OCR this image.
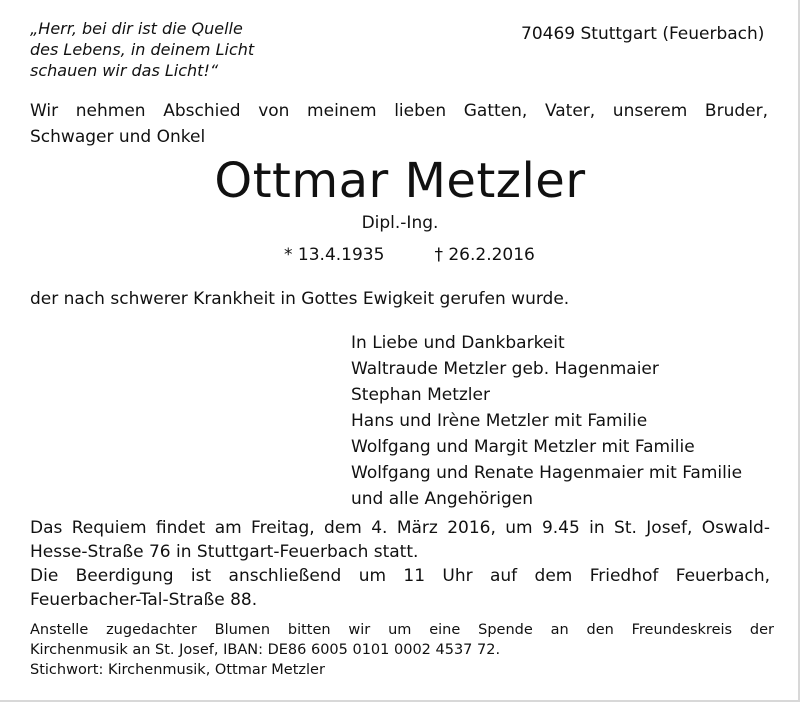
„Herr, bei dir ist die Quelle
des Lebens, in deinem Licht
schauen wir das Licht!“
70469 Stuttgart (Feuerbach)
Wir nehmen Abschied von meinem lieben Gatten, Vater, unserem Bruder,
Schwager und Onkel
Ottmar Metzler
Dipl.-Ing.
* 13.4.1935	† 26.2.2016
der nach schwerer Krankheit in Gottes Ewigkeit gerufen wurde.
In Liebe und Dankbarkeit
Waltraude Metzler geb. Hagenmaier
Stephan Metzler
Hans und Irène Metzler mit Familie
Wolfgang und Margit Metzler mit Familie
Wolfgang und Renate Hagenmaier mit Familie
und alle Angehörigen
Das Requiem findet am Freitag, dem 4. März 2016, um 9.45 in St. Josef, Oswald-
Hesse-Straße 76 in Stuttgart-Feuerbach statt.
Die Beerdigung ist anschließend um 11 Uhr auf dem Friedhof Feuerbach,
Feuerbacher-Tal-Straße 88.
Anstelle zugedachter Blumen bitten wir um eine Spende an den Freundeskreis der
Kirchenmusik an St. Josef, IBAN: DE86 6005 0101 0002 4537 72.
Stichwort: Kirchenmusik, Ottmar Metzler
